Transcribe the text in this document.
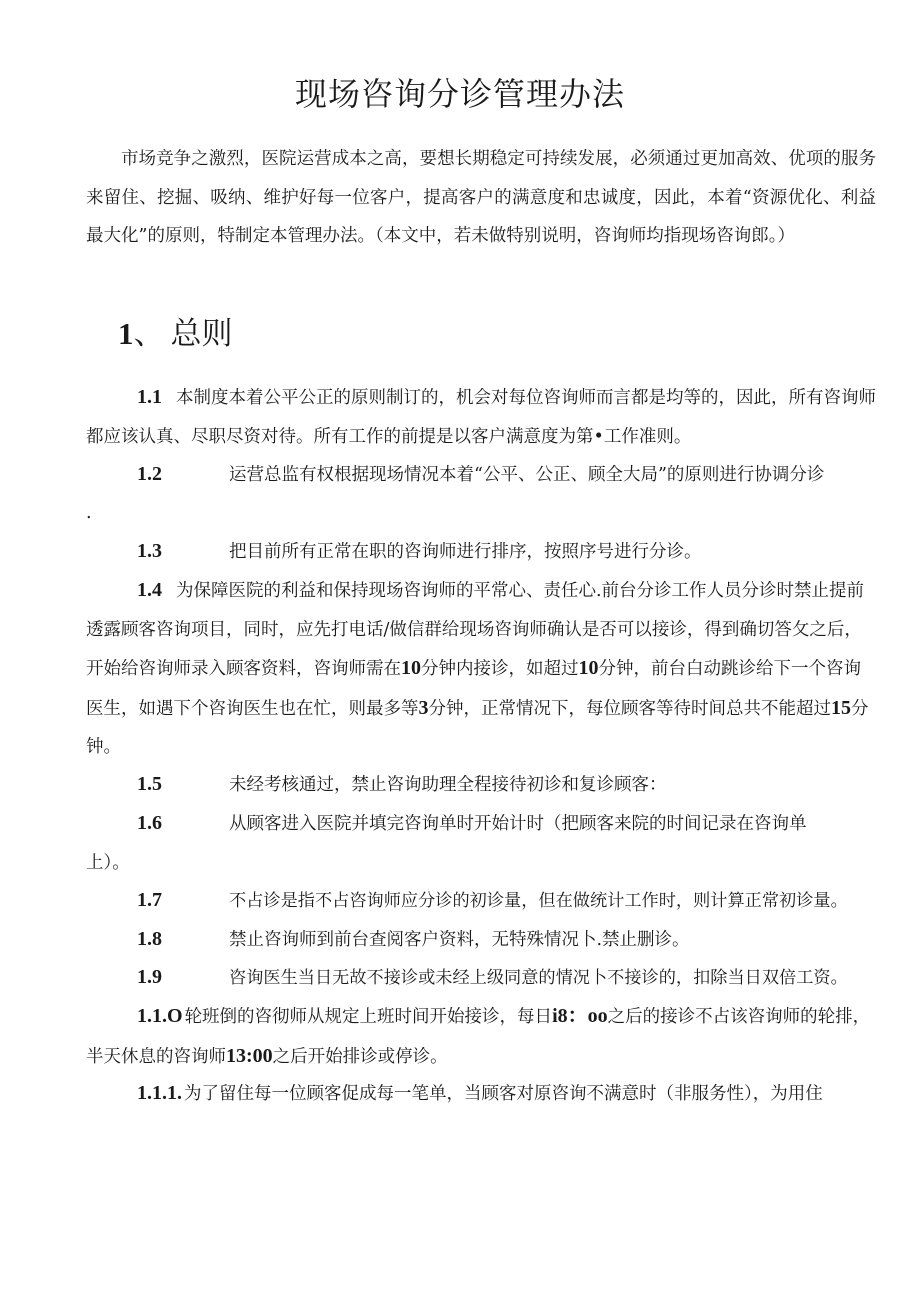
现场咨询分诊管理办法

市场竞争之激烈，医院运营成本之高，要想长期稳定可持续发展，必须通过更加高效、优项的服务来留住、挖掘、吸纳、维护好每一位客户，提高客户的满意度和忠诚度，因此，本着“资源优化、利益最大化”的原则，特制定本管理办法。（本文中，若未做特别说明，咨询师均指现场咨询郎。）

1、 总则

1.1 本制度本着公平公正的原则制订的，机会对每位咨询师而言都是均等的，因此，所有咨询师都应该认真、尽职尽资对待。所有工作的前提是以客户满意度为第•工作准则。

1.2	运营总监有权根据现场情况本着“公平、公正、顾全大局”的原则进行协调分诊

.

1.3	把目前所有正常在职的咨询师进行排序，按照序号进行分诊。

1.4 为保障医院的利益和保持现场咨询师的平常心、责任心.前台分诊工作人员分诊时禁止提前透露顾客咨询项目，同时，应先打电话/做信群给现场咨询师确认是否可以接诊，得到确切答攵之后，开始给咨询师录入顾客资料，咨询师需在10分钟内接诊，如超过10分钟，前台白动跳诊给下一个咨询医生，如遇下个咨询医生也在忙，则最多等3分钟，正常情况下，每位顾客等待时间总共不能超过15分钟。

1.5	未经考核通过，禁止咨询助理全程接待初诊和复诊顾客：

1.6	从顾客进入医院并填完咨询单时开始计时（把顾客来院的时间记录在咨询单
上）。

1.7	不占诊是指不占咨询师应分诊的初诊量，但在做统计工作时，则计算正常初诊量。

1.8	禁止咨询师到前台查阅客户资料，无特殊情况卜.禁止删诊。

1.9	咨询医生当日无故不接诊或未经上级同意的情况卜不接诊的，扣除当日双倍工资。

1.1.O 轮班倒的咨彻师从规定上班时间开始接诊，每日i8：oo之后的接诊不占该咨询师的轮排，半天休息的咨询师13:00之后开始排诊或停诊。

1.1.1. 为了留住每一位顾客促成每一笔单，当顾客对原咨询不满意时（非服务性），为用住
